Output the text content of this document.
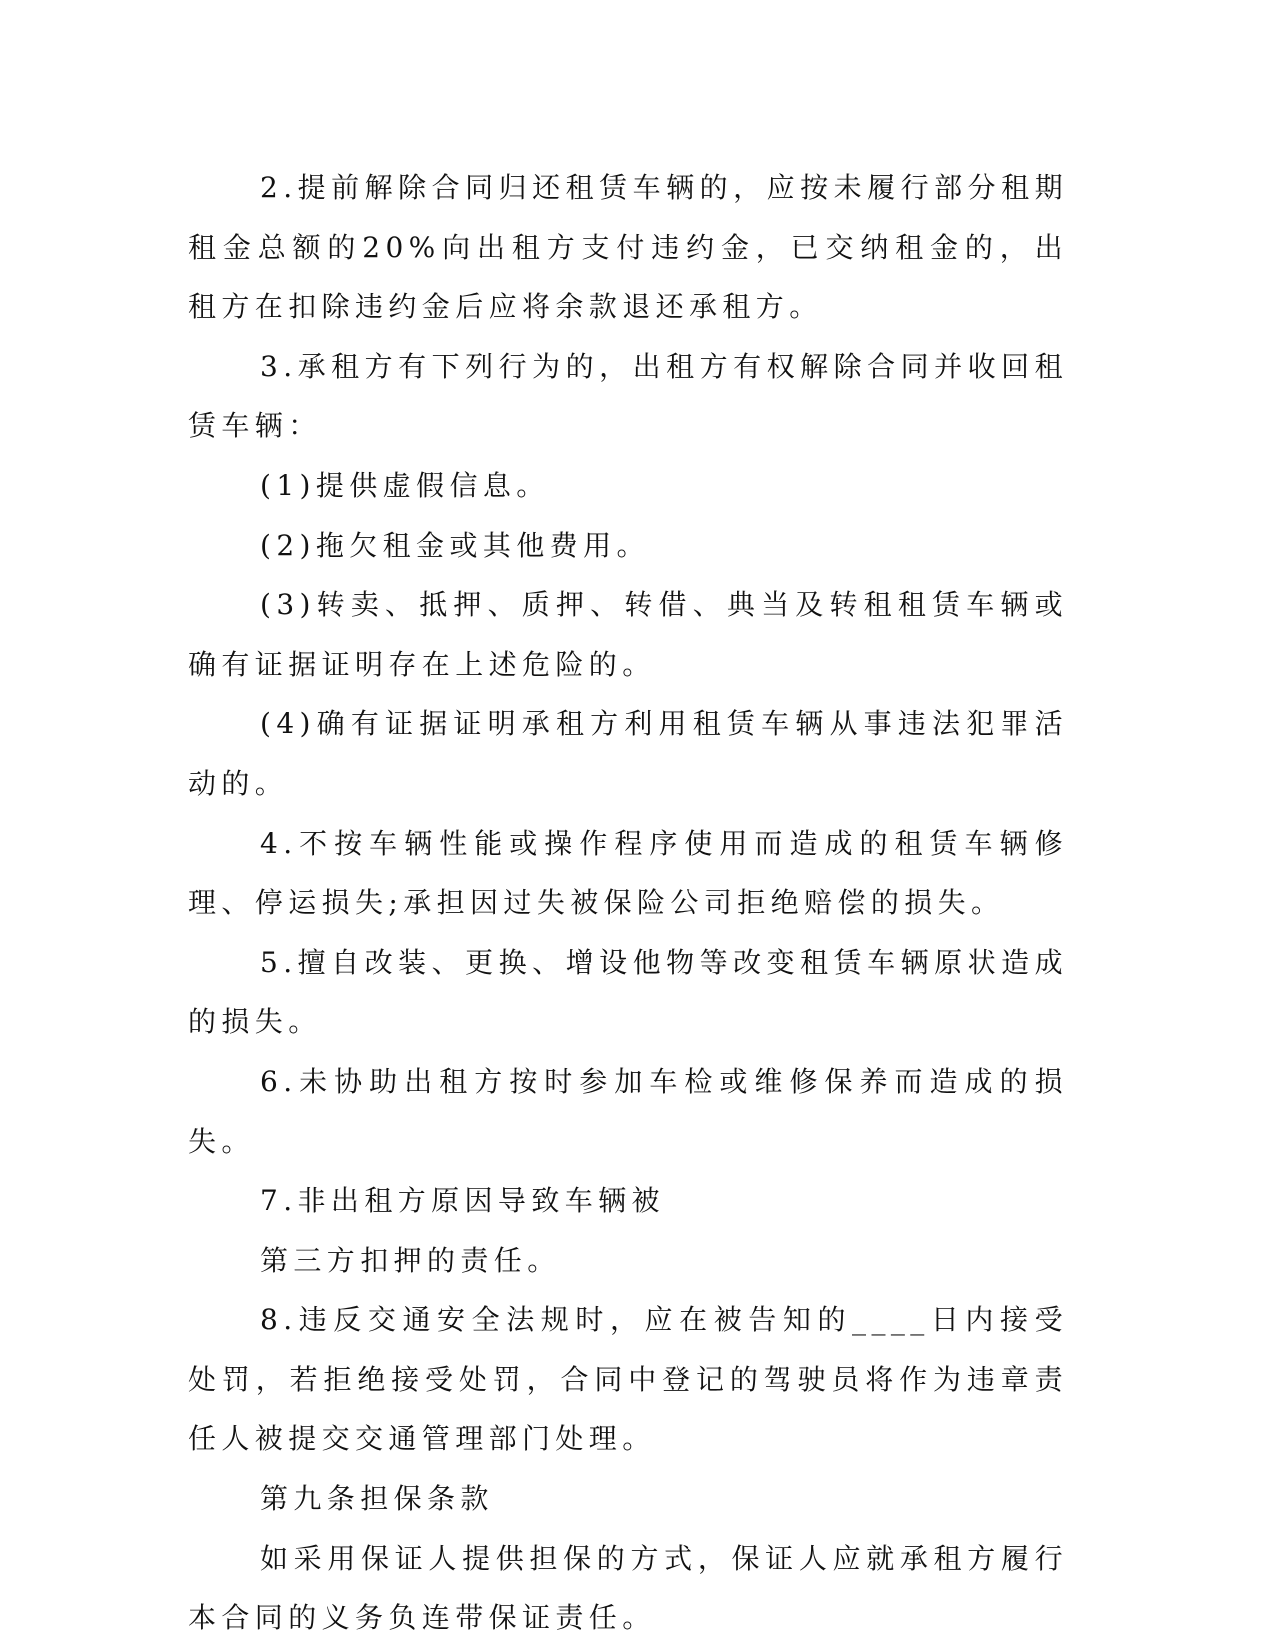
2.提前解除合同归还租赁车辆的，应按未履行部分租期租金总额的20%向出租方支付违约金，已交纳租金的，出租方在扣除违约金后应将余款退还承租方。

3.承租方有下列行为的，出租方有权解除合同并收回租赁车辆：

(1)提供虚假信息。

(2)拖欠租金或其他费用。

(3)转卖、抵押、质押、转借、典当及转租租赁车辆或确有证据证明存在上述危险的。

(4)确有证据证明承租方利用租赁车辆从事违法犯罪活动的。

4.不按车辆性能或操作程序使用而造成的租赁车辆修理、停运损失;承担因过失被保险公司拒绝赔偿的损失。

5.擅自改装、更换、增设他物等改变租赁车辆原状造成的损失。

6.未协助出租方按时参加车检或维修保养而造成的损失。

7.非出租方原因导致车辆被

第三方扣押的责任。

8.违反交通安全法规时，应在被告知的____日内接受处罚，若拒绝接受处罚，合同中登记的驾驶员将作为违章责任人被提交交通管理部门处理。

第九条担保条款

如采用保证人提供担保的方式，保证人应就承租方履行本合同的义务负连带保证责任。
